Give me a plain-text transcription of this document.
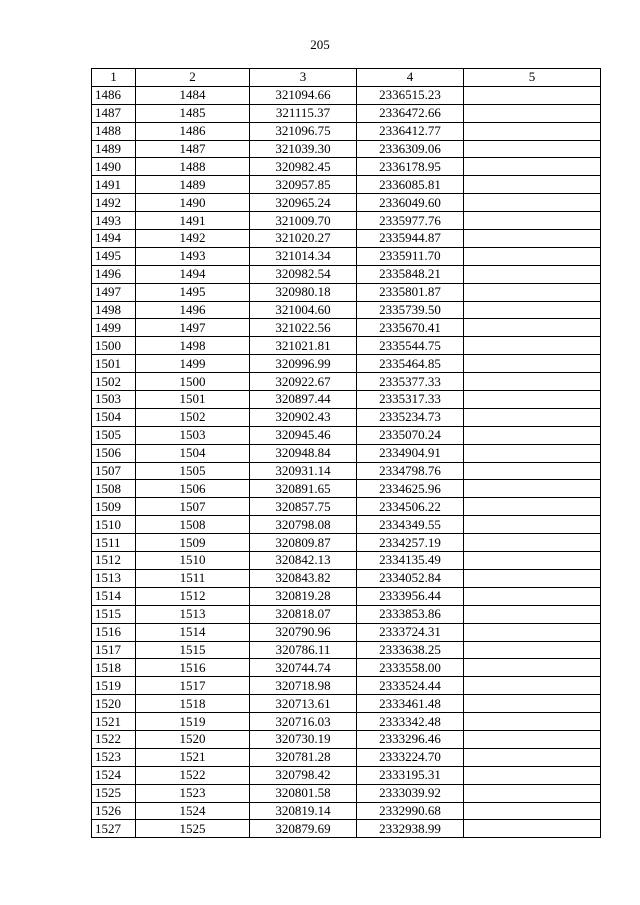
205
1	2	3	4	5
1486	1484	321094.66	2336515.23	
1487	1485	321115.37	2336472.66	
1488	1486	321096.75	2336412.77	
1489	1487	321039.30	2336309.06	
1490	1488	320982.45	2336178.95	
1491	1489	320957.85	2336085.81	
1492	1490	320965.24	2336049.60	
1493	1491	321009.70	2335977.76	
1494	1492	321020.27	2335944.87	
1495	1493	321014.34	2335911.70	
1496	1494	320982.54	2335848.21	
1497	1495	320980.18	2335801.87	
1498	1496	321004.60	2335739.50	
1499	1497	321022.56	2335670.41	
1500	1498	321021.81	2335544.75	
1501	1499	320996.99	2335464.85	
1502	1500	320922.67	2335377.33	
1503	1501	320897.44	2335317.33	
1504	1502	320902.43	2335234.73	
1505	1503	320945.46	2335070.24	
1506	1504	320948.84	2334904.91	
1507	1505	320931.14	2334798.76	
1508	1506	320891.65	2334625.96	
1509	1507	320857.75	2334506.22	
1510	1508	320798.08	2334349.55	
1511	1509	320809.87	2334257.19	
1512	1510	320842.13	2334135.49	
1513	1511	320843.82	2334052.84	
1514	1512	320819.28	2333956.44	
1515	1513	320818.07	2333853.86	
1516	1514	320790.96	2333724.31	
1517	1515	320786.11	2333638.25	
1518	1516	320744.74	2333558.00	
1519	1517	320718.98	2333524.44	
1520	1518	320713.61	2333461.48	
1521	1519	320716.03	2333342.48	
1522	1520	320730.19	2333296.46	
1523	1521	320781.28	2333224.70	
1524	1522	320798.42	2333195.31	
1525	1523	320801.58	2333039.92	
1526	1524	320819.14	2332990.68	
1527	1525	320879.69	2332938.99	
